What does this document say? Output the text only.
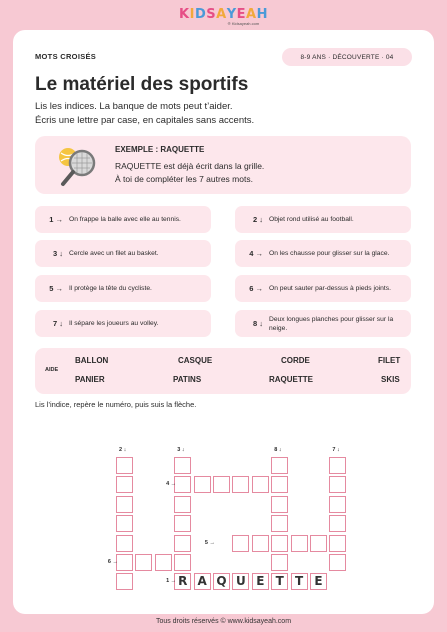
KIDSAYEAH
® Kidsayeah.com
MOTS CROISÉS	8-9 ANS · DÉCOUVERTE · 04
Le matériel des sportifs
Lis les indices. La banque de mots peut t’aider.
Écris une lettre par case, en capitales sans accents.
EXEMPLE : RAQUETTE
RAQUETTE est déjà écrit dans la grille.
À toi de compléter les 7 autres mots.
1 → On frappe la balle avec elle au tennis.	2 ↓ Objet rond utilisé au football.
3 ↓ Cercle avec un filet au basket.	4 → On les chausse pour glisser sur la glace.
5 → Il protège la tête du cycliste.	6 → On peut sauter par-dessus à pieds joints.
7 ↓ Il sépare les joueurs au volley.	8 ↓ Deux longues planches pour glisser sur la neige.
AIDE
BALLON	CASQUE	CORDE	FILET
PANIER	PATINS	RAQUETTE	SKIS
Lis l’indice, repère le numéro, puis suis la flèche.
R A Q U E T T E
2 ↓	3 ↓	8 ↓	7 ↓
4 →
5 →
6 →
1 →
Tous droits réservés © www.kidsayeah.com
